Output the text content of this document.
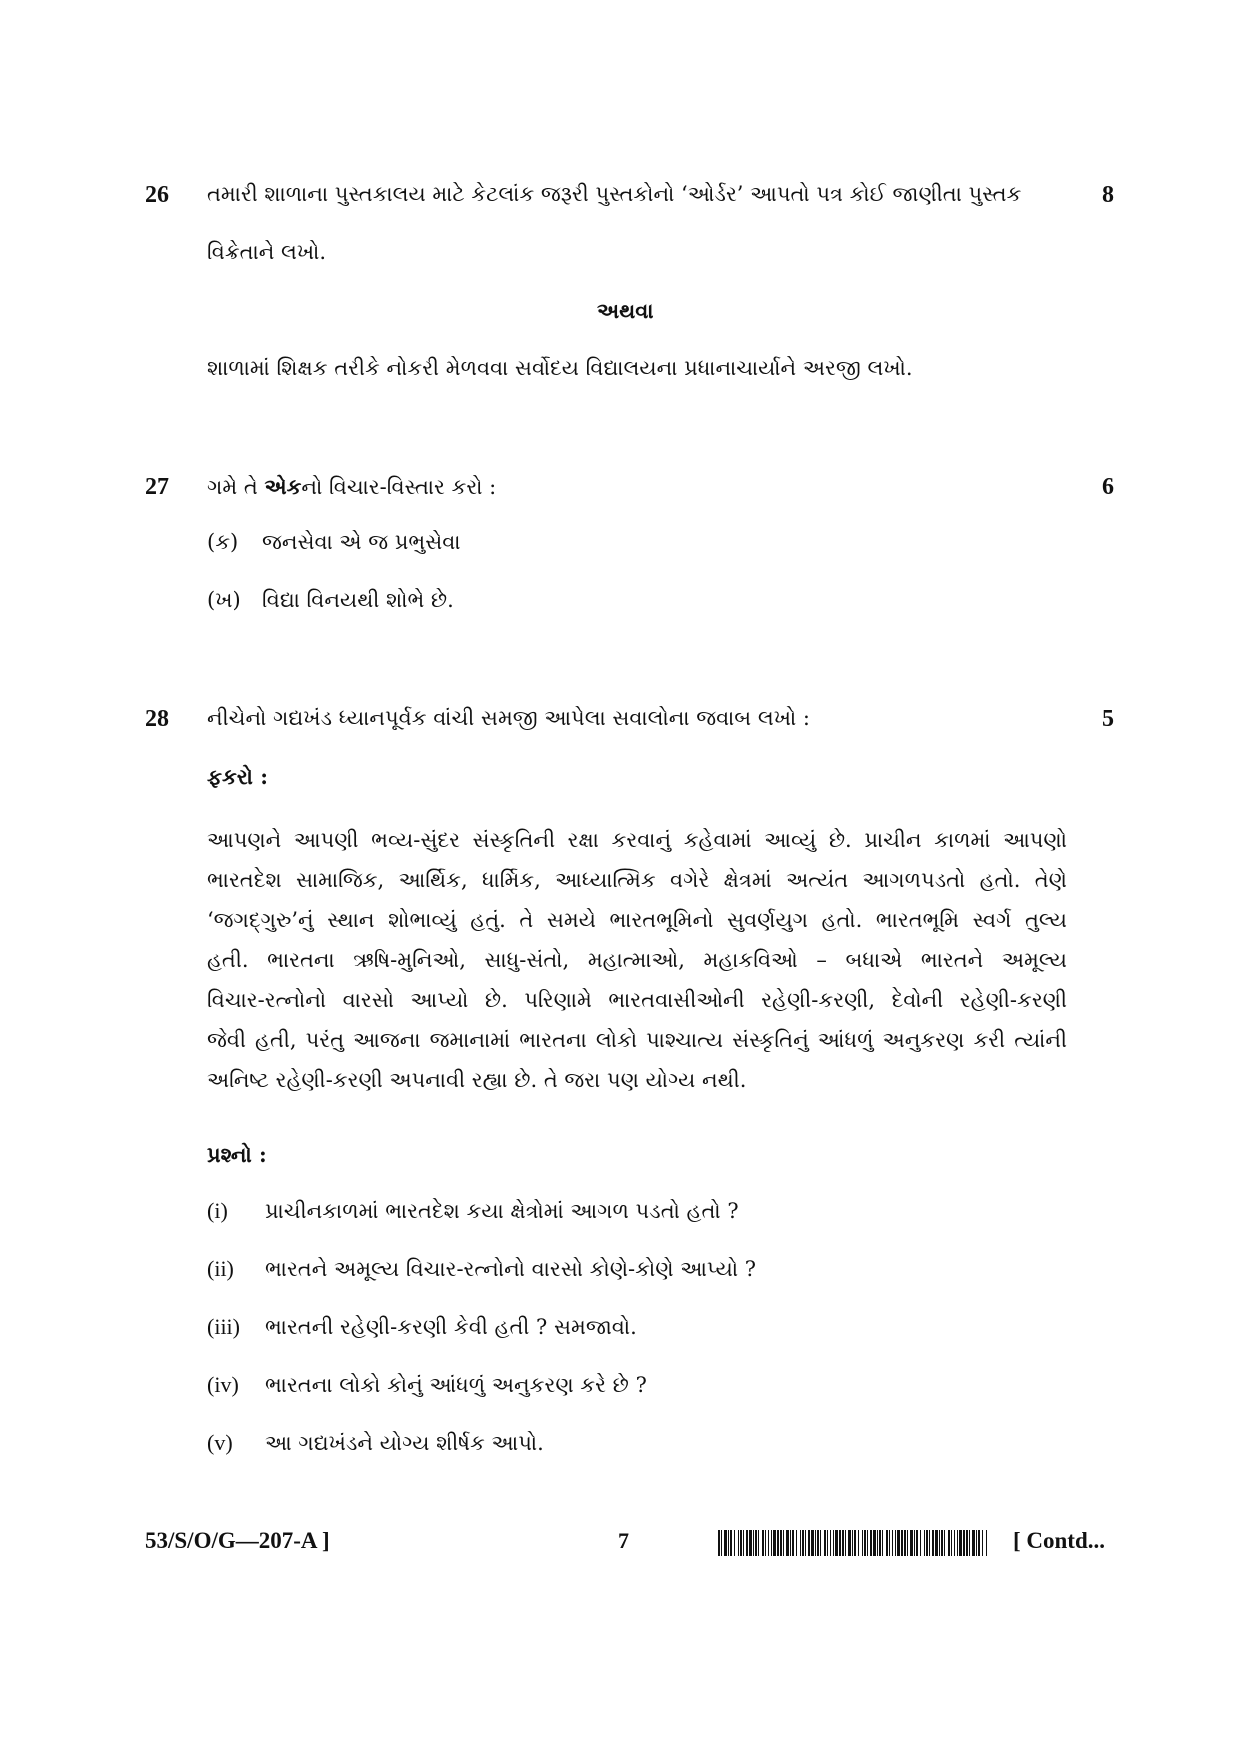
26 તમારી શાળાના પુસ્તકાલય માટે કેટલાંક જરૂરી પુસ્તકોનો ‘ઓર્ડર’ આપતો પત્ર કોઈ જાણીતા પુસ્તક	8
વિક્રેતાને લખો.
અથવા
શાળામાં શિક્ષક તરીકે નોકરી મેળવવા સર્વોદય વિદ્યાલયના પ્રધાનાચાર્યાને અરજી લખો.
27 ગમે તે એકનો વિચાર-વિસ્તાર કરો :	6
(ક) જનસેવા એ જ પ્રભુસેવા
(ખ) વિદ્યા વિનયથી શોભે છે.
28 નીચેનો ગદ્યખંડ ધ્યાનપૂર્વક વાંચી સમજી આપેલા સવાલોના જવાબ લખો :	5
ફકરો :
આપણને આપણી ભવ્ય-સુંદર સંસ્કૃતિની રક્ષા કરવાનું કહેવામાં આવ્યું છે. પ્રાચીન કાળમાં આપણો
ભારતદેશ સામાજિક, આર્થિક, ધાર્મિક, આધ્યાત્મિક વગેરે ક્ષેત્રમાં અત્યંત આગળપડતો હતો. તેણે
‘જગદ્‌ગુરુ’નું સ્થાન શોભાવ્યું હતું. તે સમયે ભારતભૂમિનો સુવર્ણયુગ હતો. ભારતભૂમિ સ્વર્ગ તુલ્ય
હતી. ભારતના ઋષિ-મુનિઓ, સાધુ-સંતો, મહાત્માઓ, મહાકવિઓ – બધાએ ભારતને અમૂલ્ય
વિચાર-રત્નોનો વારસો આપ્યો છે. પરિણામે ભારતવાસીઓની રહેણી-કરણી, દેવોની રહેણી-કરણી
જેવી હતી, પરંતુ આજના જમાનામાં ભારતના લોકો પાશ્ચાત્ય સંસ્કૃતિનું આંધળું અનુકરણ કરી ત્યાંની
અનિષ્ટ રહેણી-કરણી અપનાવી રહ્યા છે. તે જરા પણ યોગ્ય નથી.
પ્રશ્નો :
(i) પ્રાચીનકાળમાં ભારતદેશ કયા ક્ષેત્રોમાં આગળ પડતો હતો ?
(ii) ભારતને અમૂલ્ય વિચાર-રત્નોનો વારસો કોણે-કોણે આપ્યો ?
(iii) ભારતની રહેણી-કરણી કેવી હતી ? સમજાવો.
(iv) ભારતના લોકો કોનું આંધળું અનુકરણ કરે છે ?
(v) આ ગદ્યખંડને યોગ્ય શીર્ષક આપો.
53/S/O/G—207-A ]	7	[ Contd...
